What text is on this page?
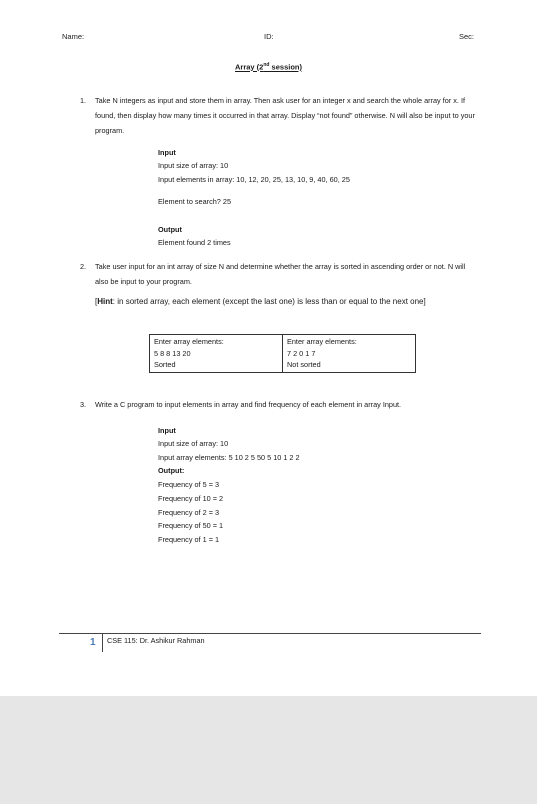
Name:	ID:	Sec:
Array (2nd session)
1. Take N integers as input and store them in array. Then ask user for an integer x and search the whole array for x. If found, then display how many times it occurred in that array. Display “not found” otherwise. N will also be input to your program.
Input
Input size of array: 10
Input elements in array: 10, 12, 20, 25, 13, 10, 9, 40, 60, 25
Element to search? 25
Output
Element found 2 times
2. Take user input for an int array of size N and determine whether the array is sorted in ascending order or not. N will also be input to your program.
[Hint: in sorted array, each element (except the last one) is less than or equal to the next one]
Enter array elements:
5 8 8 13 20
Sorted

Enter array elements:
7 2 0 1 7
Not sorted
3. Write a C program to input elements in array and find frequency of each element in array Input.
Input
Input size of array: 10
Input array elements: 5 10 2 5 50 5 10 1 2 2
Output:
Frequency of 5 = 3
Frequency of 10 = 2
Frequency of 2 = 3
Frequency of 50 = 1
Frequency of 1 = 1
1 CSE 115: Dr. Ashikur Rahman
